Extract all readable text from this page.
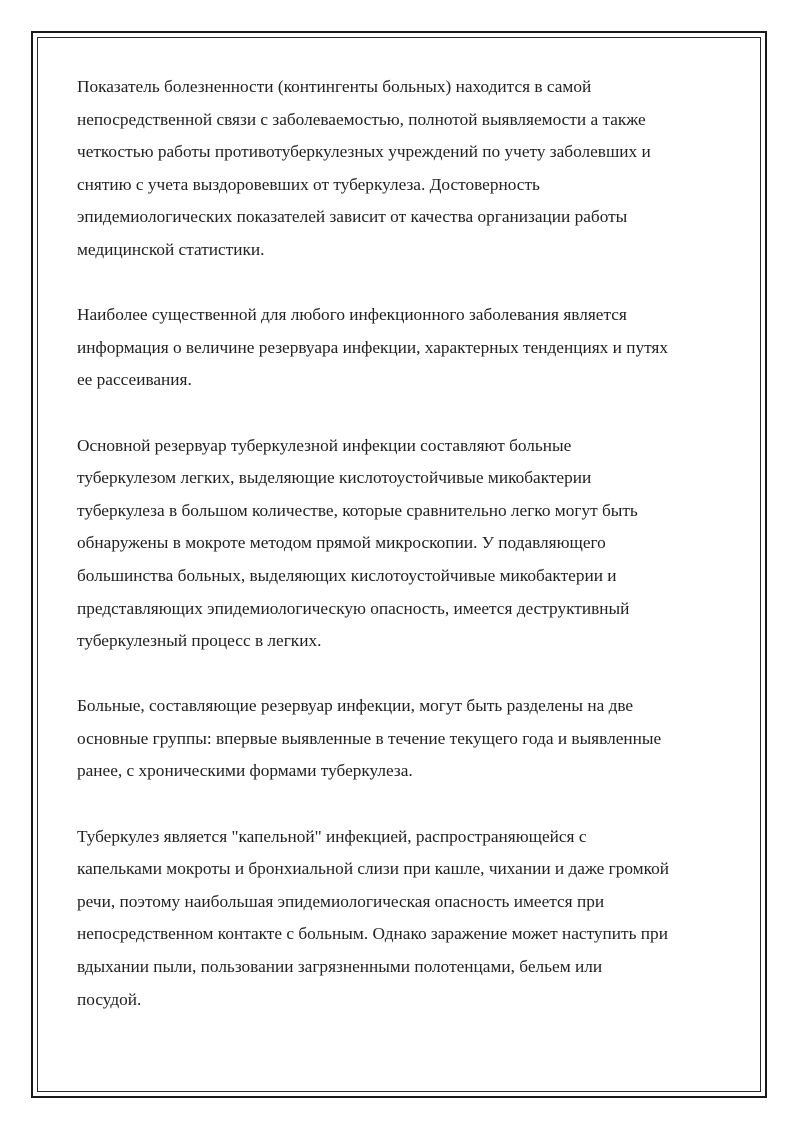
Показатель болезненности (контингенты больных) находится в самой
непосредственной связи с заболеваемостью, полнотой выявляемости а также
четкостью работы противотуберкулезных учреждений по учету заболевших и
снятию с учета выздоровевших от туберкулеза. Достоверность
эпидемиологических показателей зависит от качества организации работы
медицинской статистики.

Наиболее существенной для любого инфекционного заболевания является
информация о величине резервуара инфекции, характерных тенденциях и путях
ее рассеивания.

Основной резервуар туберкулезной инфекции составляют больные
туберкулезом легких, выделяющие кислотоустойчивые микобактерии
туберкулеза в большом количестве, которые сравнительно легко могут быть
обнаружены в мокроте методом прямой микроскопии. У подавляющего
большинства больных, выделяющих кислотоустойчивые микобактерии и
представляющих эпидемиологическую опасность, имеется деструктивный
туберкулезный процесс в легких.

Больные, составляющие резервуар инфекции, могут быть разделены на две
основные группы: впервые выявленные в течение текущего года и выявленные
ранее, с хроническими формами туберкулеза.

Туберкулез является "капельной" инфекцией, распространяющейся с
капельками мокроты и бронхиальной слизи при кашле, чихании и даже громкой
речи, поэтому наибольшая эпидемиологическая опасность имеется при
непосредственном контакте с больным. Однако заражение может наступить при
вдыхании пыли, пользовании загрязненными полотенцами, бельем или
посудой.
